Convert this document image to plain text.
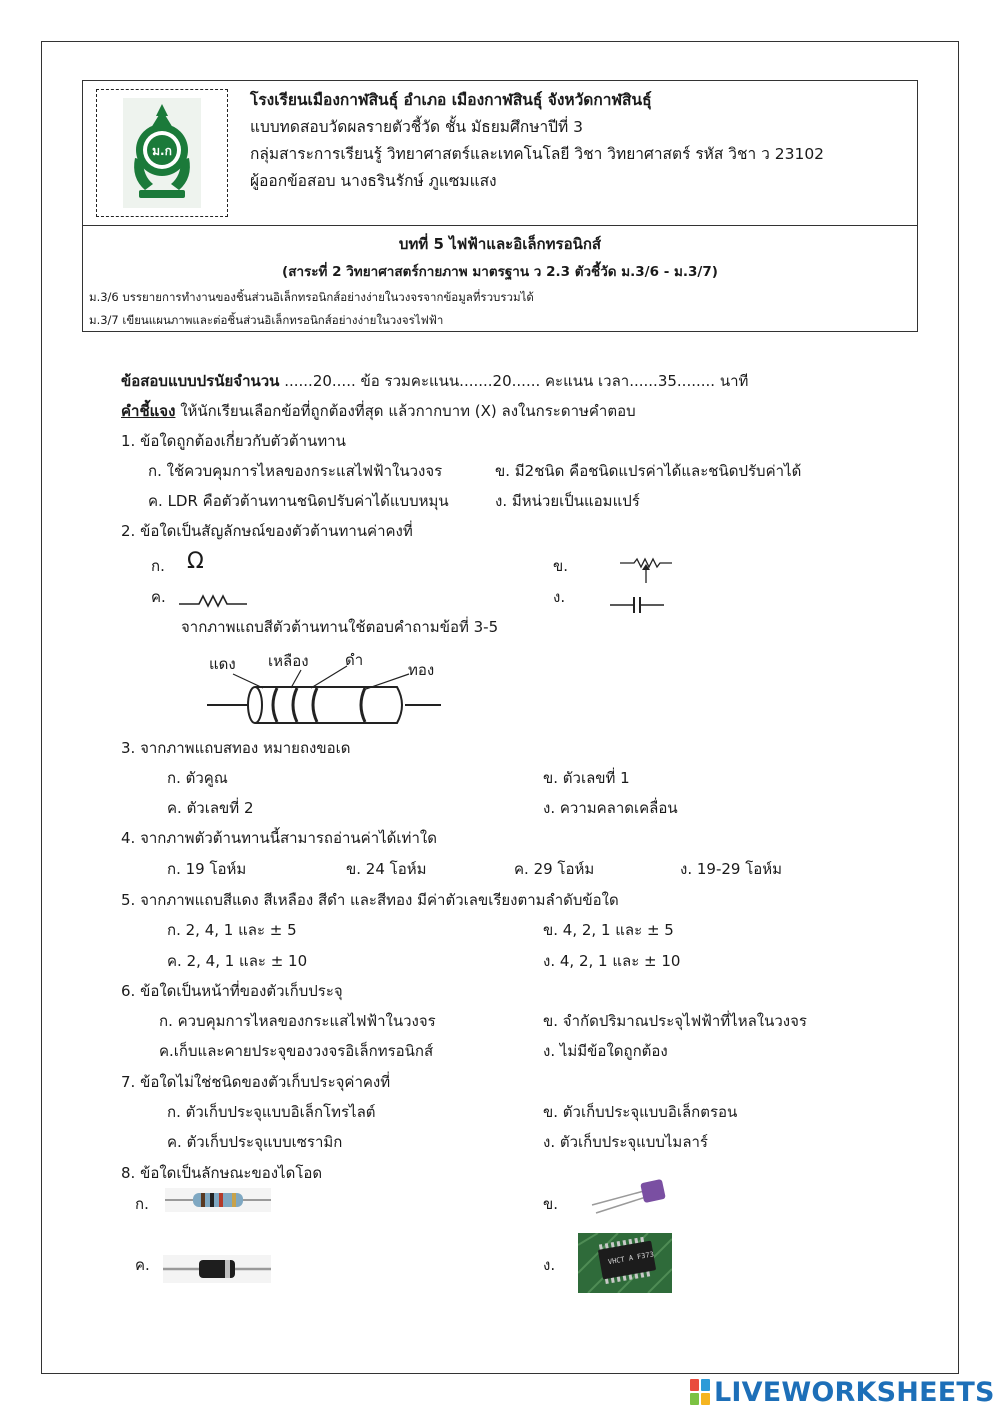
ม.ก
โรงเรียนเมืองกาฬสินธุ์ อำเภอ เมืองกาฬสินธุ์ จังหวัดกาฬสินธุ์
แบบทดสอบวัดผลรายตัวชี้วัด ชั้น มัธยมศึกษาปีที่ 3
กลุ่มสาระการเรียนรู้ วิทยาศาสตร์และเทคโนโลยี วิชา วิทยาศาสตร์ รหัส วิชา ว 23102
ผู้ออกข้อสอบ นางธรินรักษ์ ภูแซมแสง
บทที่ 5 ไฟฟ้าและอิเล็กทรอนิกส์
(สาระที่ 2 วิทยาศาสตร์กายภาพ มาตรฐาน ว 2.3 ตัวชี้วัด ม.3/6 - ม.3/7)
ม.3/6 บรรยายการทำงานของชิ้นส่วนอิเล็กทรอนิกส์อย่างง่ายในวงจรจากข้อมูลที่รวบรวมได้
ม.3/7 เขียนแผนภาพและต่อชิ้นส่วนอิเล็กทรอนิกส์อย่างง่ายในวงจรไฟฟ้า
ข้อสอบแบบปรนัยจำนวน ......20..... ข้อ รวมคะแนน.......20...... คะแนน เวลา......35........ นาที
คำชี้แจง ให้นักเรียนเลือกข้อที่ถูกต้องที่สุด แล้วกากบาท (X) ลงในกระดาษคำตอบ
1. ข้อใดถูกต้องเกี่ยวกับตัวต้านทาน
ก. ใช้ควบคุมการไหลของกระแสไฟฟ้าในวงจร	ข. มี2ชนิด คือชนิดแปรค่าได้และชนิดปรับค่าได้
ค. LDR คือตัวต้านทานชนิดปรับค่าได้แบบหมุน	ง. มีหน่วยเป็นแอมแปร์
2. ข้อใดเป็นสัญลักษณ์ของตัวต้านทานค่าคงที่
ก. Ω	ข.
ค.	ง.
จากภาพแถบสีตัวต้านทานใช้ตอบคำถามข้อที่ 3-5
แดง เหลือง ดำ
ทอง
3. จากภาพแถบสทอง หมายถงขอเด
ก. ตัวคูณ	ข. ตัวเลขที่ 1
ค. ตัวเลขที่ 2	ง. ความคลาดเคลื่อน
4. จากภาพตัวต้านทานนี้สามารถอ่านค่าได้เท่าใด
ก. 19 โอห์ม	ข. 24 โอห์ม	ค. 29 โอห์ม	ง. 19-29 โอห์ม
5. จากภาพแถบสีแดง สีเหลือง สีดำ และสีทอง มีค่าตัวเลขเรียงตามลำดับข้อใด
ก. 2, 4, 1 และ ± 5	ข. 4, 2, 1 และ ± 5
ค. 2, 4, 1 และ ± 10	ง. 4, 2, 1 และ ± 10
6. ข้อใดเป็นหน้าที่ของตัวเก็บประจุ
ก. ควบคุมการไหลของกระแสไฟฟ้าในวงจร	ข. จำกัดปริมาณประจุไฟฟ้าที่ไหลในวงจร
ค.เก็บและคายประจุของวงจรอิเล็กทรอนิกส์	ง. ไม่มีข้อใดถูกต้อง
7. ข้อใดไม่ใช่ชนิดของตัวเก็บประจุค่าคงที่
ก. ตัวเก็บประจุแบบอิเล็กโทรไลต์	ข. ตัวเก็บประจุแบบอิเล็กตรอน
ค. ตัวเก็บประจุแบบเซรามิก	ง. ตัวเก็บประจุแบบไมลาร์
8. ข้อใดเป็นลักษณะของไดโอด
ก.	ข.
ค.	ง.	VHCT A F373
LIVEWORKSHEETS
